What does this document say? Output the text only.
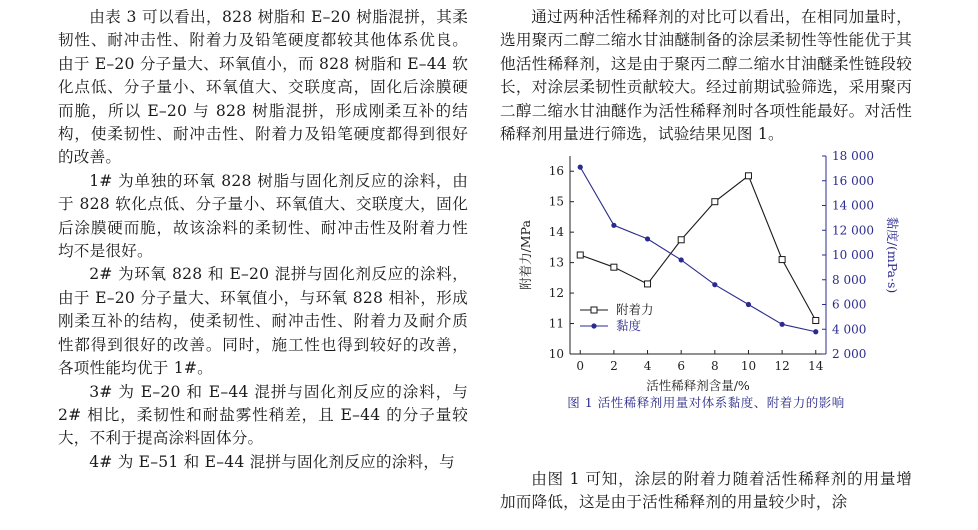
由表 3 可以看出，828 树脂和 E–20 树脂混拼，其柔韧性、耐冲击性、附着力及铅笔硬度都较其他体系优良。由于 E–20 分子量大、环氧值小，而 828 树脂和 E–44 软化点低、分子量小、环氧值大、交联度高，固化后涂膜硬而脆，所以 E–20 与 828 树脂混拼，形成刚柔互补的结构，使柔韧性、耐冲击性、附着力及铅笔硬度都得到很好的改善。

1# 为单独的环氧 828 树脂与固化剂反应的涂料，由于 828 软化点低、分子量小、环氧值大、交联度大，固化后涂膜硬而脆，故该涂料的柔韧性、耐冲击性及附着力性均不是很好。

2# 为环氧 828 和 E–20 混拼与固化剂反应的涂料，由于 E–20 分子量大、环氧值小，与环氧 828 相补，形成刚柔互补的结构，使柔韧性、耐冲击性、附着力及耐介质性都得到很好的改善。同时，施工性也得到较好的改善，各项性能均优于 1#。

3# 为 E–20 和 E–44 混拼与固化剂反应的涂料，与 2# 相比，柔韧性和耐盐雾性稍差，且 E–44 的分子量较大，不利于提高涂料固体分。

4# 为 E–51 和 E–44 混拼与固化剂反应的涂料，与

通过两种活性稀释剂的对比可以看出，在相同加量时，选用聚丙二醇二缩水甘油醚制备的涂层柔韧性等性能优于其他活性稀释剂，这是由于聚丙二醇二缩水甘油醚柔性链段较长，对涂层柔韧性贡献较大。经过前期试验筛选，采用聚丙二醇二缩水甘油醚作为活性稀释剂时各项性能最好。对活性稀释剂用量进行筛选，试验结果见图 1。

0 2 4 6 8 10 12 14
活性稀释剂含量/%
10
11
12
13
14
15
16
附着力/MPa
2 000
4 000
6 000
8 000
10 000
12 000
14 000
16 000
18 000
黏度/(mPa·s)
附着力
黏度
图 1 活性稀释剂用量对体系黏度、附着力的影响

由图 1 可知，涂层的附着力随着活性稀释剂的用量增加而降低，这是由于活性稀释剂的用量较少时，涂
